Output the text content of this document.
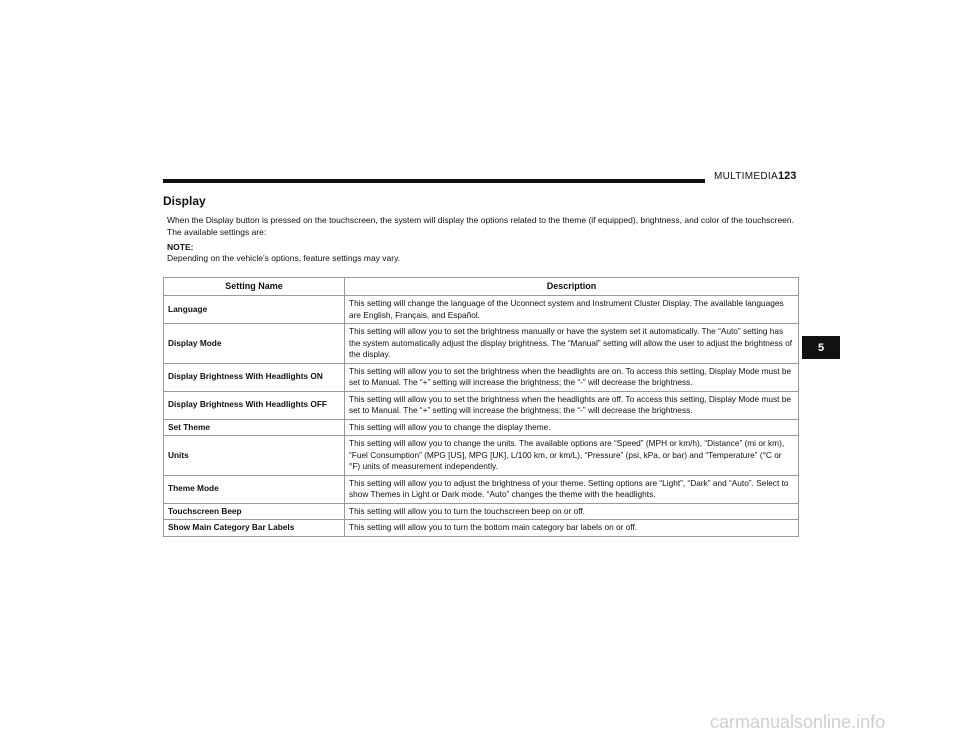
MULTIMEDIA 123
Display

When the Display button is pressed on the touchscreen, the system will display the options related to the theme (if equipped), brightness, and color of the touchscreen. The available settings are:

NOTE:
Depending on the vehicle’s options, feature settings may vary.
Setting Name	Description
Language	This setting will change the language of the Uconnect system and Instrument Cluster Display. The available languages are English, Français, and Español.
Display Mode	This setting will allow you to set the brightness manually or have the system set it automatically. The “Auto” setting has the system automatically adjust the display brightness. The “Manual” setting will allow the user to adjust the brightness of the display.
Display Brightness With Headlights ON	This setting will allow you to set the brightness when the headlights are on. To access this setting, Display Mode must be set to Manual. The “+” setting will increase the brightness; the “-” will decrease the brightness.
Display Brightness With Headlights OFF	This setting will allow you to set the brightness when the headlights are off. To access this setting, Display Mode must be set to Manual. The “+” setting will increase the brightness; the “-” will decrease the brightness.
Set Theme	This setting will allow you to change the display theme.
Units	This setting will allow you to change the units. The available options are “Speed” (MPH or km/h), “Distance” (mi or km), “Fuel Consumption” (MPG [US], MPG [UK], L/100 km, or km/L), “Pressure” (psi, kPa, or bar) and “Temperature” (°C or °F) units of measurement independently.
Theme Mode	This setting will allow you to adjust the brightness of your theme. Setting options are “Light”, “Dark” and “Auto”. Select to show Themes in Light or Dark mode. “Auto” changes the theme with the headlights.
Touchscreen Beep	This setting will allow you to turn the touchscreen beep on or off.
Show Main Category Bar Labels	This setting will allow you to turn the bottom main category bar labels on or off.
5
carmanualsonline.info
